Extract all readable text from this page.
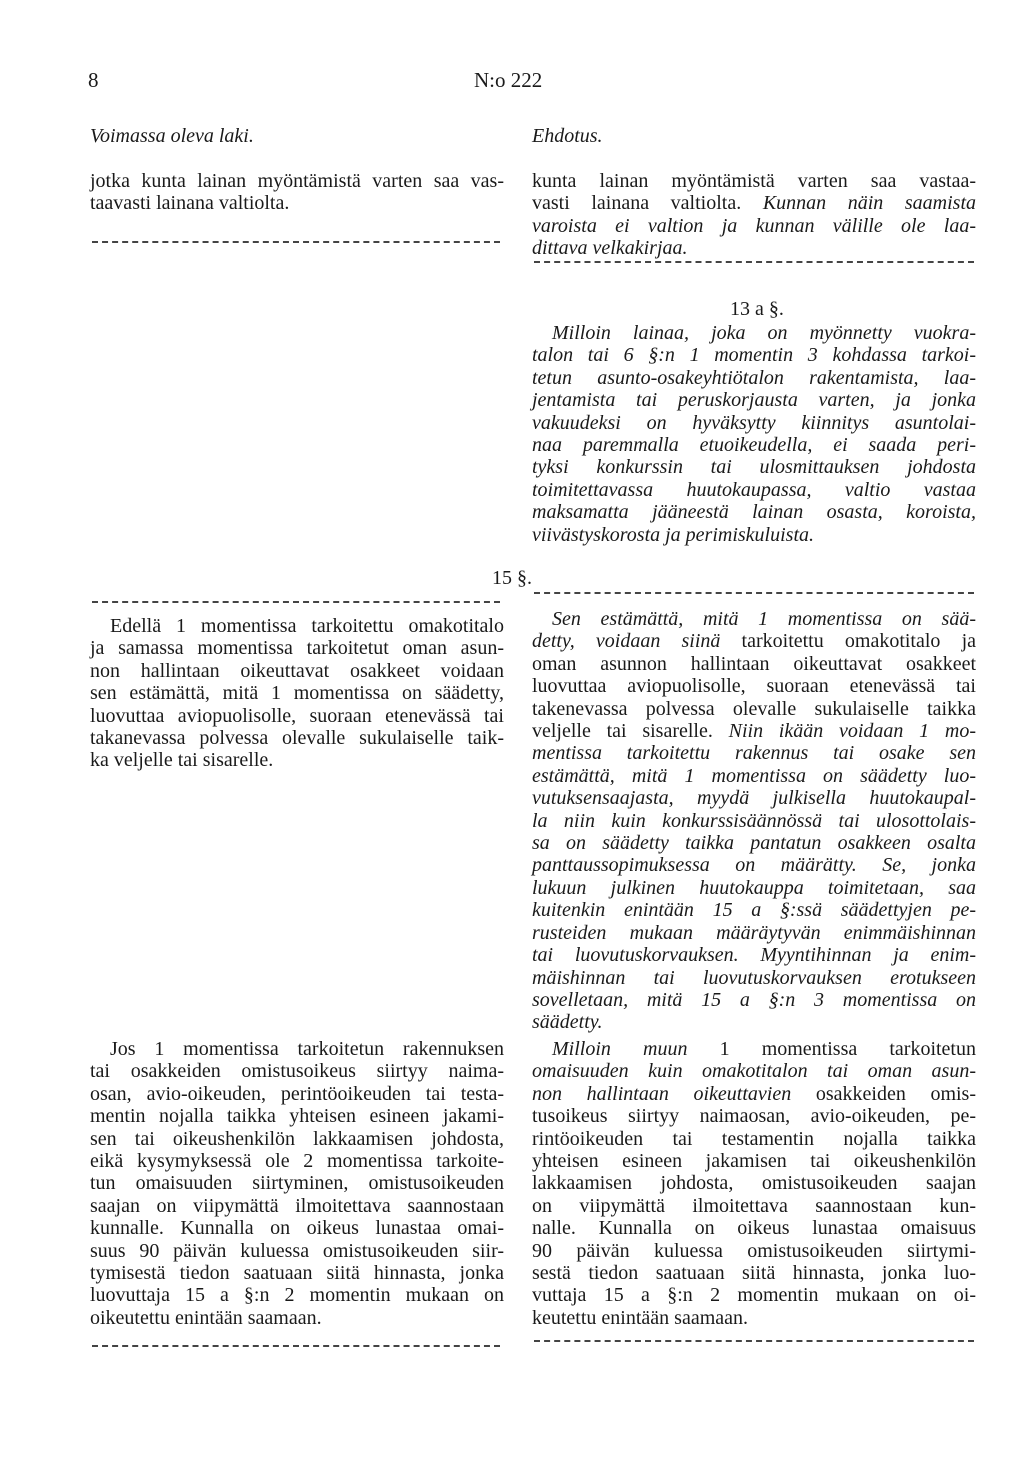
8	N:o 222
Voimassa oleva laki.	Ehdotus.

jotka kunta lainan myöntämistä varten saa vas-
taavasti lainana valtiolta.

Edellä 1 momentissa tarkoitettu omakotitalo
ja samassa momentissa tarkoitetut oman asun-
non hallintaan oikeuttavat osakkeet voidaan
sen estämättä, mitä 1 momentissa on säädetty,
luovuttaa aviopuolisolle, suoraan etenevässä tai
takanevassa polvessa olevalle sukulaiselle taik-
ka veljelle tai sisarelle.

Jos 1 momentissa tarkoitetun rakennuksen
tai osakkeiden omistusoikeus siirtyy naima-
osan, avio-oikeuden, perintöoikeuden tai testa-
mentin nojalla taikka yhteisen esineen jakami-
sen tai oikeushenkilön lakkaamisen johdosta,
eikä kysymyksessä ole 2 momentissa tarkoite-
tun omaisuuden siirtyminen, omistusoikeuden
saajan on viipymättä ilmoitettava saannostaan
kunnalle. Kunnalla on oikeus lunastaa omai-
suus 90 päivän kuluessa omistusoikeuden siir-
tymisestä tiedon saatuaan siitä hinnasta, jonka
luovuttaja 15 a §:n 2 momentin mukaan on
oikeutettu enintään saamaan.

kunta lainan myöntämistä varten saa vastaa-
vasti lainana valtiolta. Kunnan näin saamista
varoista ei valtion ja kunnan välille ole laa-
dittava velkakirjaa.

13 a §.

Milloin lainaa, joka on myönnetty vuokra-
talon tai 6 §:n 1 momentin 3 kohdassa tarkoi-
tetun asunto-osakeyhtiötalon rakentamista, laa-
jentamista tai peruskorjausta varten, ja jonka
vakuudeksi on hyväksytty kiinnitys asuntolai-
naa paremmalla etuoikeudella, ei saada peri-
tyksi konkurssin tai ulosmittauksen johdosta
toimitettavassa huutokaupassa, valtio vastaa
maksamatta jääneestä lainan osasta, koroista,
viivästyskorosta ja perimiskuluista.

15 §.

Sen estämättä, mitä 1 momentissa on sää-
detty, voidaan siinä tarkoitettu omakotitalo ja
oman asunnon hallintaan oikeuttavat osakkeet
luovuttaa aviopuolisolle, suoraan etenevässä tai
takenevassa polvessa olevalle sukulaiselle taikka
veljelle tai sisarelle. Niin ikään voidaan 1 mo-
mentissa tarkoitettu rakennus tai osake sen
estämättä, mitä 1 momentissa on säädetty luo-
vutuksensaajasta, myydä julkisella huutokaupal-
la niin kuin konkurssisäännössä tai ulosottolais-
sa on säädetty taikka pantatun osakkeen osalta
panttaussopimuksessa on määrätty. Se, jonka
lukuun julkinen huutokauppa toimitetaan, saa
kuitenkin enintään 15 a §:ssä säädettyjen pe-
rusteiden mukaan määräytyvän enimmäishinnan
tai luovutuskorvauksen. Myyntihinnan ja enim-
mäishinnan tai luovutuskorvauksen erotukseen
sovelletaan, mitä 15 a §:n 3 momentissa on
säädetty.

Milloin muun 1 momentissa tarkoitetun
omaisuuden kuin omakotitalon tai oman asun-
non hallintaan oikeuttavien osakkeiden omis-
tusoikeus siirtyy naimaosan, avio-oikeuden, pe-
rintöoikeuden tai testamentin nojalla taikka
yhteisen esineen jakamisen tai oikeushenkilön
lakkaamisen johdosta, omistusoikeuden saajan
on viipymättä ilmoitettava saannostaan kun-
nalle. Kunnalla on oikeus lunastaa omaisuus
90 päivän kuluessa omistusoikeuden siirtymi-
sestä tiedon saatuaan siitä hinnasta, jonka luo-
vuttaja 15 a §:n 2 momentin mukaan on oi-
keutettu enintään saamaan.
